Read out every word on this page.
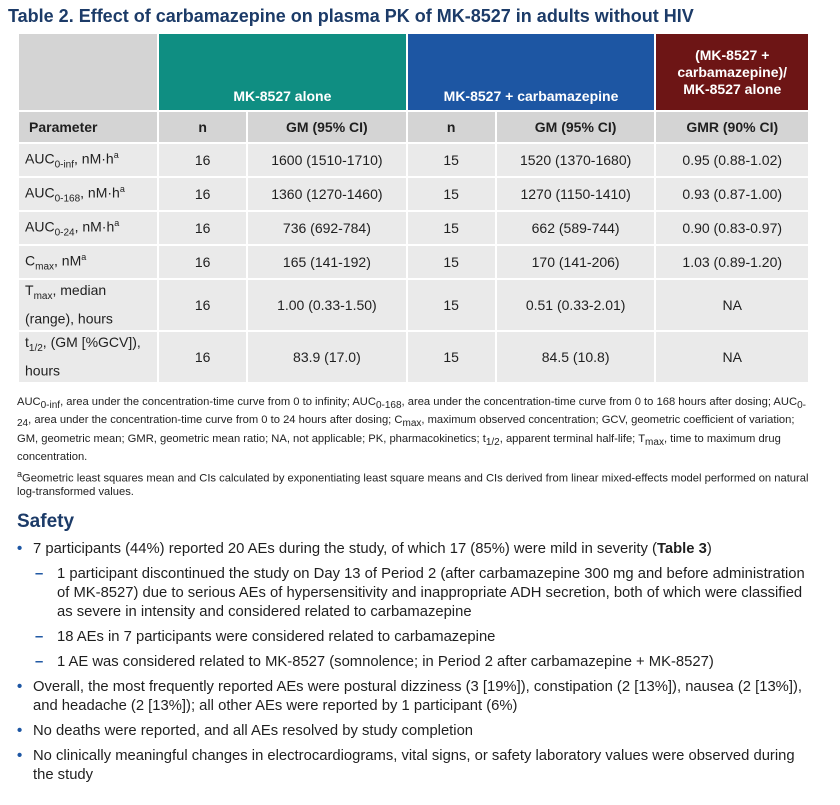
Table 2. Effect of carbamazepine on plasma PK of MK-8527 in adults without HIV
	MK-8527 alone		MK-8527 + carbamazepine		(MK-8527 +
carbamazepine)/
MK-8527 alone
Parameter	n	GM (95% CI)	n	GM (95% CI)	GMR (90% CI)
$AUC_{0-inf}$, $nM\cdot h^a$	16	1600 (1510-1710)	15	1520 (1370-1680)	0.95 (0.88-1.02)
$AUC_{0-168}$, $nM\cdot h^a$	16	1360 (1270-1460)	15	1270 (1150-1410)	0.93 (0.87-1.00)
$AUC_{0-24}$, $nM\cdot h^a$	16	736 (692-784)	15	662 (589-744)	0.90 (0.83-0.97)
$C_{max}$, $nM^a$	16	165 (141-192)	15	170 (141-206)	1.03 (0.89-1.20)
$T_{max}$, median (range), hours	16	1.00 (0.33-1.50)	15	0.51 (0.33-2.01)	NA
$t_{1/2}$, (GM [%GCV]), hours	16	83.9 (17.0)	15	84.5 (10.8)	NA

$AUC_{0-inf}$, area under the concentration-time curve from 0 to infinity; $AUC_{0-168}$, area under the concentration-time curve from 0 to 168 hours after dosing; $AUC_{0-24}$, area under the concentration-time curve from 0 to 24 hours after dosing; $C_{max}$, maximum observed concentration; GCV, geometric coefficient of variation; GM, geometric mean; GMR, geometric mean ratio; NA, not applicable; PK, pharmacokinetics; $t_{1/2}$, apparent terminal half-life; $T_{max}$, time to maximum drug concentration.

$^a$Geometric least squares mean and CIs calculated by exponentiating least square means and CIs derived from linear mixed-effects model performed on natural log-transformed values.

Safety
• 7 participants (44%) reported 20 AEs during the study, of which 17 (85%) were mild in severity (Table 3)
– 1 participant discontinued the study on Day 13 of Period 2 (after carbamazepine 300 mg and before administration of MK-8527) due to serious AEs of hypersensitivity and inappropriate ADH secretion, both of which were classified as severe in intensity and considered related to carbamazepine
– 18 AEs in 7 participants were considered related to carbamazepine
– 1 AE was considered related to MK-8527 (somnolence; in Period 2 after carbamazepine + MK-8527)
• Overall, the most frequently reported AEs were postural dizziness (3 [19%]), constipation (2 [13%]), nausea (2 [13%]), and headache (2 [13%]); all other AEs were reported by 1 participant (6%)
• No deaths were reported, and all AEs resolved by study completion
• No clinically meaningful changes in electrocardiograms, vital signs, or safety laboratory values were observed during the study
